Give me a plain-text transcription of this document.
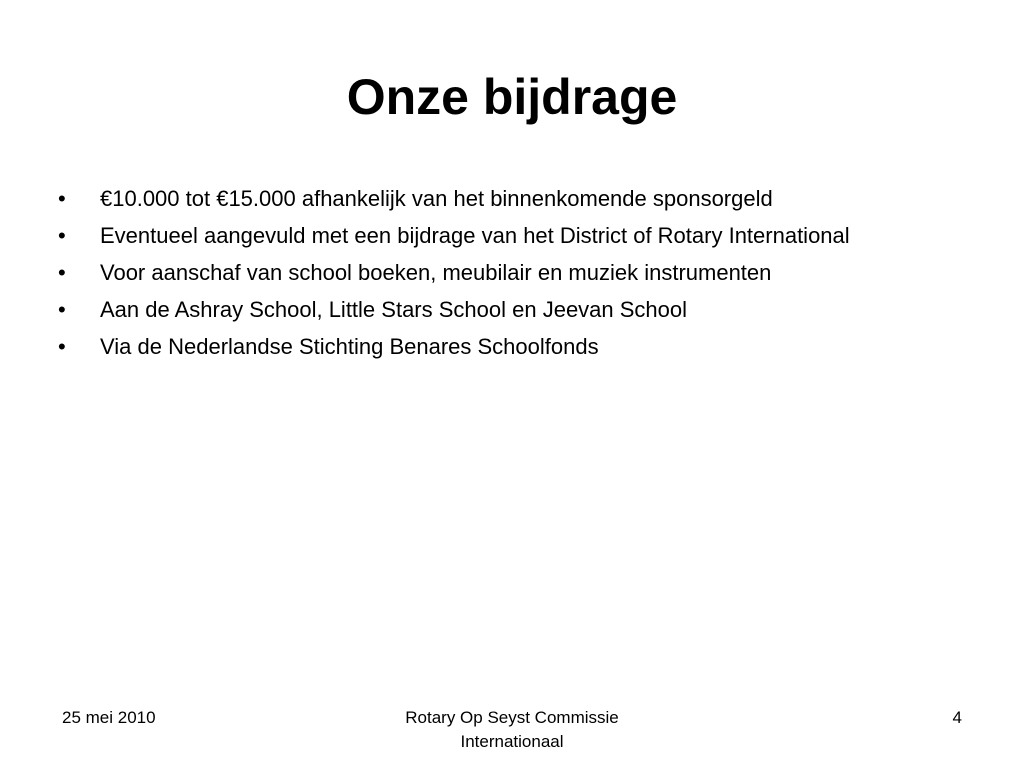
Onze bijdrage
•	€10.000 tot €15.000 afhankelijk van het binnenkomende sponsorgeld
•	Eventueel aangevuld met een bijdrage van het District of Rotary International
•	Voor aanschaf van school boeken, meubilair en muziek instrumenten
•	Aan de Ashray School, Little Stars School en Jeevan School
•	Via de Nederlandse Stichting Benares Schoolfonds
25 mei 2010	Rotary Op Seyst Commissie
Internationaal
4
